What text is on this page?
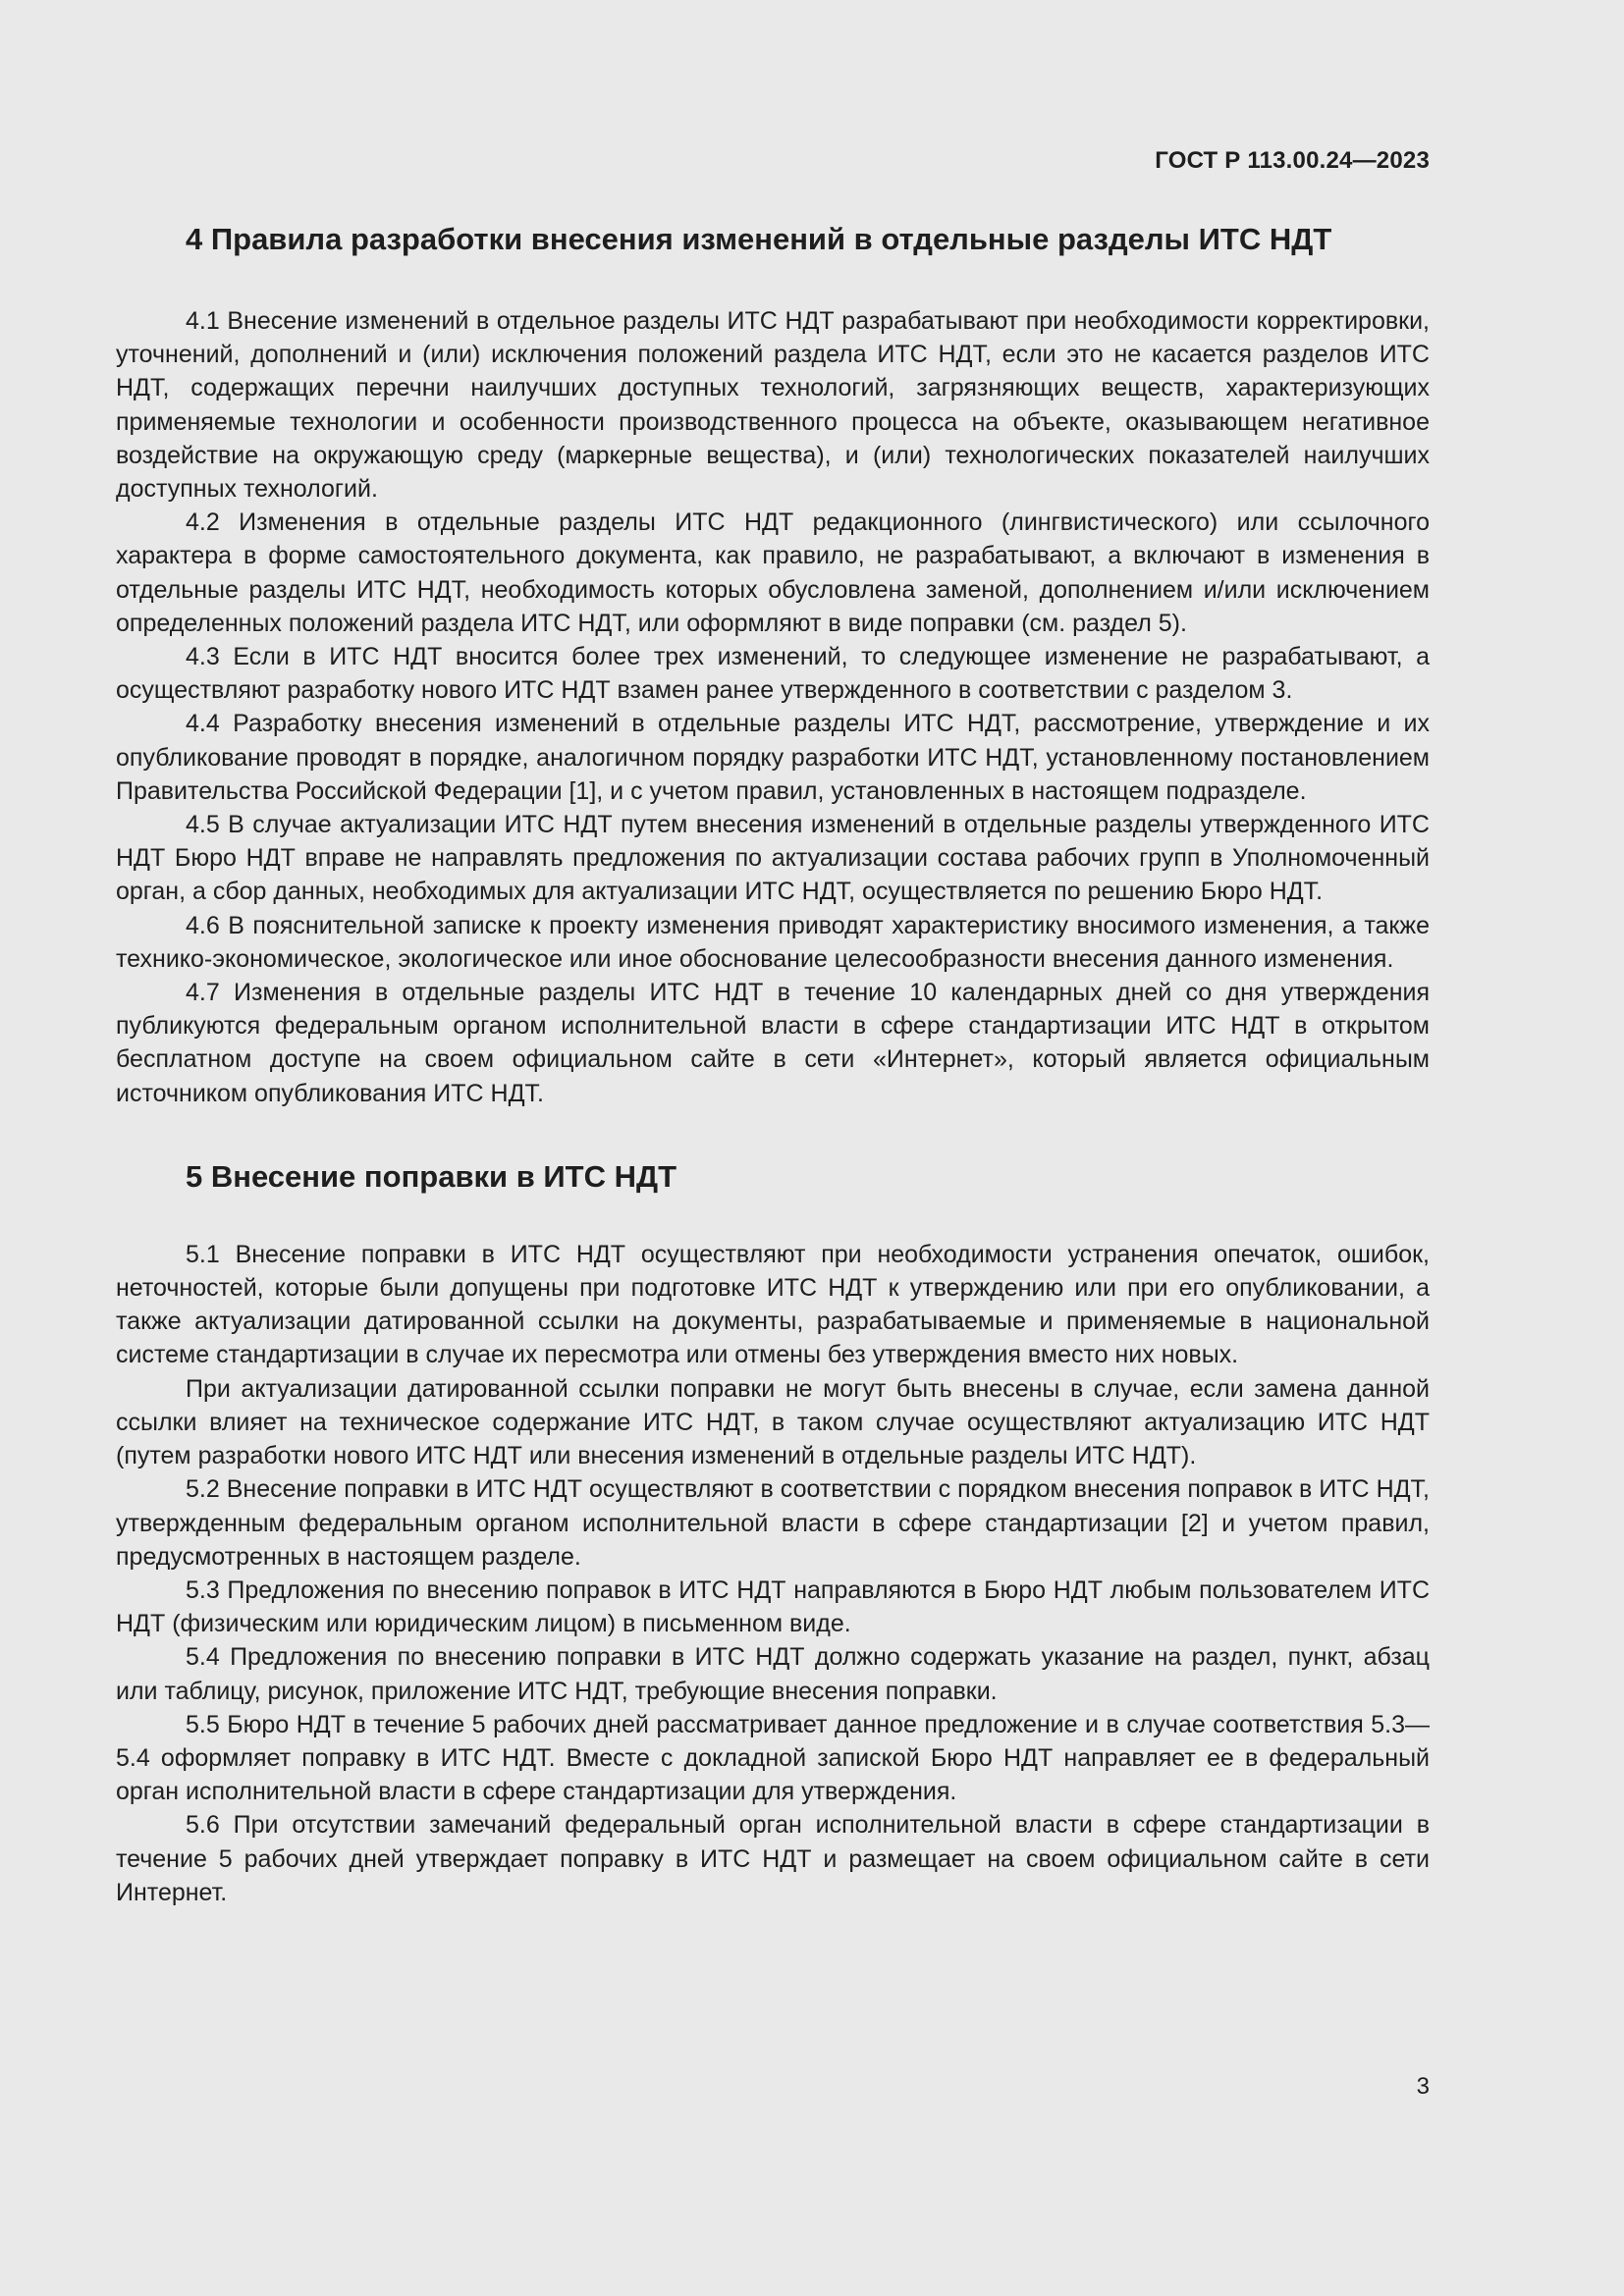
ГОСТ Р 113.00.24—2023
4 Правила разработки внесения изменений в отдельные разделы ИТС НДТ

4.1 Внесение изменений в отдельное разделы ИТС НДТ разрабатывают при необходимости корректировки, уточнений, дополнений и (или) исключения положений раздела ИТС НДТ, если это не касается разделов ИТС НДТ, содержащих перечни наилучших доступных технологий, загрязняющих веществ, характеризующих применяемые технологии и особенности производственного процесса на объекте, оказывающем негативное воздействие на окружающую среду (маркерные вещества), и (или) технологических показателей наилучших доступных технологий.

4.2 Изменения в отдельные разделы ИТС НДТ редакционного (лингвистического) или ссылочного характера в форме самостоятельного документа, как правило, не разрабатывают, а включают в изменения в отдельные разделы ИТС НДТ, необходимость которых обусловлена заменой, дополнением и/или исключением определенных положений раздела ИТС НДТ, или оформляют в виде поправки (см. раздел 5).

4.3 Если в ИТС НДТ вносится более трех изменений, то следующее изменение не разрабатывают, а осуществляют разработку нового ИТС НДТ взамен ранее утвержденного в соответствии с разделом 3.

4.4 Разработку внесения изменений в отдельные разделы ИТС НДТ, рассмотрение, утверждение и их опубликование проводят в порядке, аналогичном порядку разработки ИТС НДТ, установленному постановлением Правительства Российской Федерации [1], и с учетом правил, установленных в настоящем подразделе.

4.5 В случае актуализации ИТС НДТ путем внесения изменений в отдельные разделы утвержденного ИТС НДТ Бюро НДТ вправе не направлять предложения по актуализации состава рабочих групп в Уполномоченный орган, а сбор данных, необходимых для актуализации ИТС НДТ, осуществляется по решению Бюро НДТ.

4.6 В пояснительной записке к проекту изменения приводят характеристику вносимого изменения, а также технико-экономическое, экологическое или иное обоснование целесообразности внесения данного изменения.

4.7 Изменения в отдельные разделы ИТС НДТ в течение 10 календарных дней со дня утверждения публикуются федеральным органом исполнительной власти в сфере стандартизации ИТС НДТ в открытом бесплатном доступе на своем официальном сайте в сети «Интернет», который является официальным источником опубликования ИТС НДТ.

5 Внесение поправки в ИТС НДТ

5.1 Внесение поправки в ИТС НДТ осуществляют при необходимости устранения опечаток, ошибок, неточностей, которые были допущены при подготовке ИТС НДТ к утверждению или при его опубликовании, а также актуализации датированной ссылки на документы, разрабатываемые и применяемые в национальной системе стандартизации в случае их пересмотра или отмены без утверждения вместо них новых.

При актуализации датированной ссылки поправки не могут быть внесены в случае, если замена данной ссылки влияет на техническое содержание ИТС НДТ, в таком случае осуществляют актуализацию ИТС НДТ (путем разработки нового ИТС НДТ или внесения изменений в отдельные разделы ИТС НДТ).

5.2 Внесение поправки в ИТС НДТ осуществляют в соответствии с порядком внесения поправок в ИТС НДТ, утвержденным федеральным органом исполнительной власти в сфере стандартизации [2] и учетом правил, предусмотренных в настоящем разделе.

5.3 Предложения по внесению поправок в ИТС НДТ направляются в Бюро НДТ любым пользователем ИТС НДТ (физическим или юридическим лицом) в письменном виде.

5.4 Предложения по внесению поправки в ИТС НДТ должно содержать указание на раздел, пункт, абзац или таблицу, рисунок, приложение ИТС НДТ, требующие внесения поправки.

5.5 Бюро НДТ в течение 5 рабочих дней рассматривает данное предложение и в случае соответствия 5.3—5.4 оформляет поправку в ИТС НДТ. Вместе с докладной запиской Бюро НДТ направляет ее в федеральный орган исполнительной власти в сфере стандартизации для утверждения.

5.6 При отсутствии замечаний федеральный орган исполнительной власти в сфере стандартизации в течение 5 рабочих дней утверждает поправку в ИТС НДТ и размещает на своем официальном сайте в сети Интернет.

3
